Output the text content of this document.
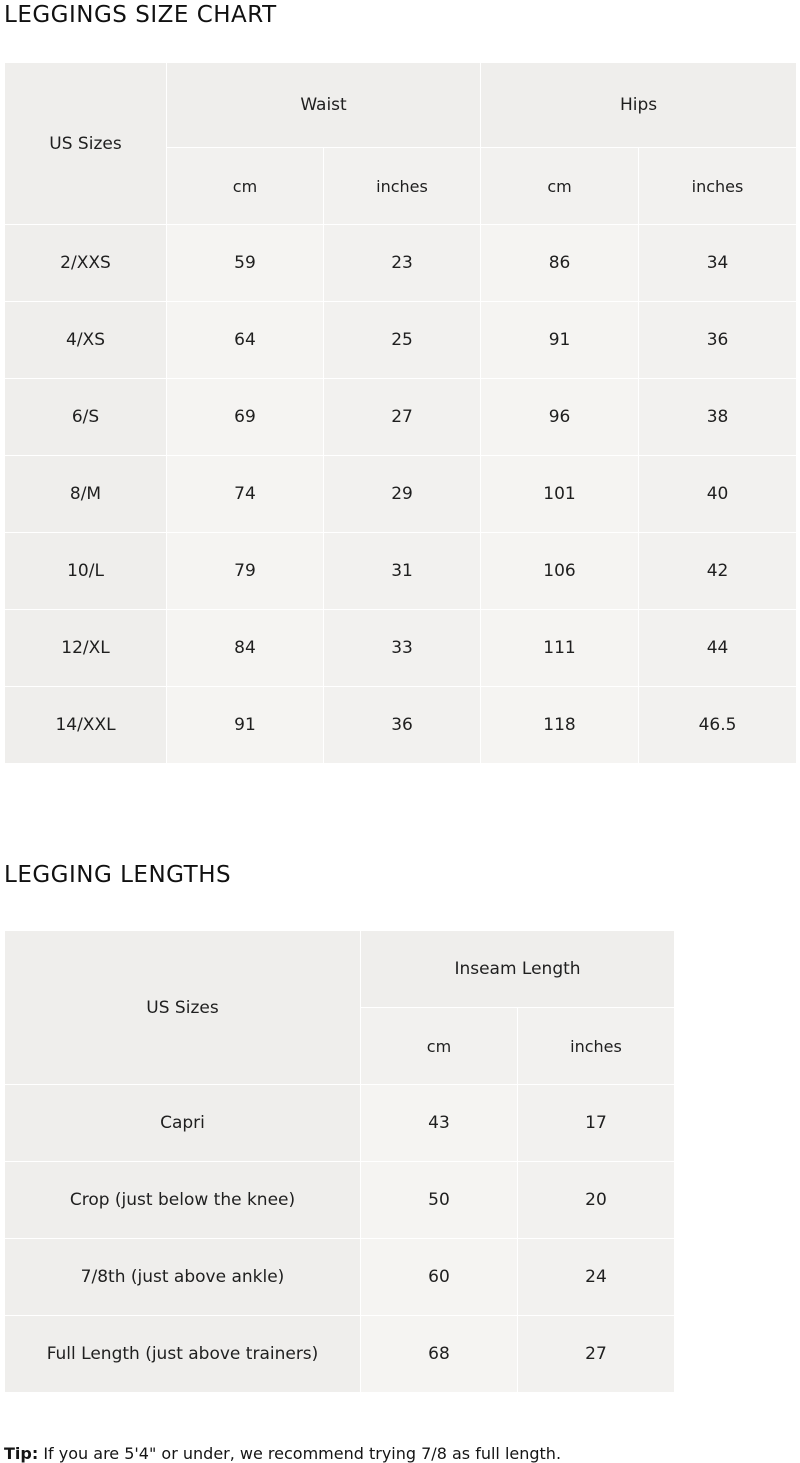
LEGGINGS SIZE CHART
US Sizes	Waist		Hips	
	cm	inches	cm	inches
2/XXS	59	23	86	34
4/XS	64	25	91	36
6/S	69	27	96	38
8/M	74	29	101	40
10/L	79	31	106	42
12/XL	84	33	111	44
14/XXL	91	36	118	46.5
LEGGING LENGTHS
US Sizes	Inseam Length	
	cm	inches
Capri	43	17
Crop (just below the knee)	50	20
7/8th (just above ankle)	60	24
Full Length (just above trainers)	68	27

Tip: If you are 5'4" or under, we recommend trying 7/8 as full length.
